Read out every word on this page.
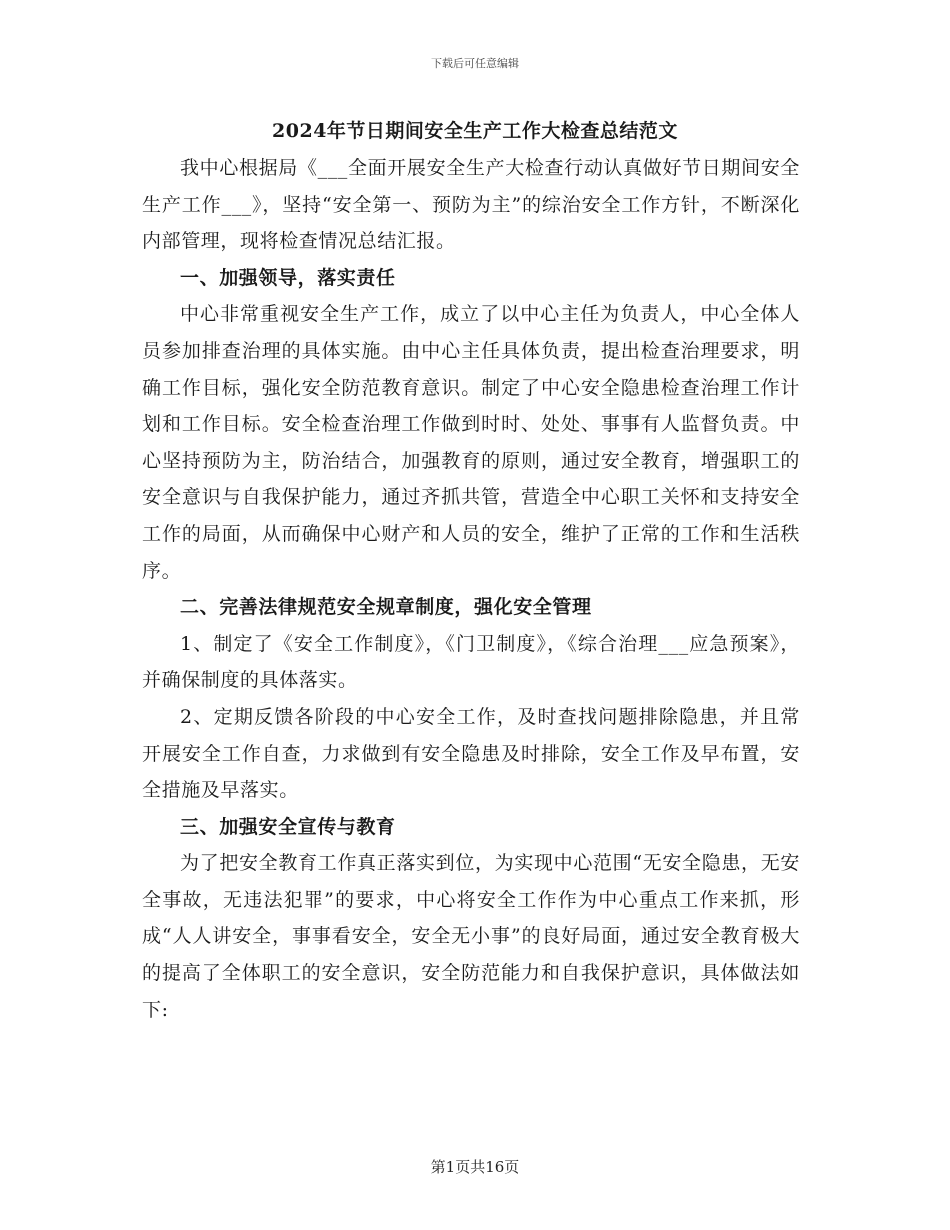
下载后可任意编辑
2024年节日期间安全生产工作大检查总结范文

我中心根据局《___全面开展安全生产大检查行动认真做好节日期间安全生产工作___》，坚持“安全第一、预防为主”的综治安全工作方针，不断深化内部管理，现将检查情况总结汇报。

一、加强领导，落实责任

中心非常重视安全生产工作，成立了以中心主任为负责人，中心全体人员参加排查治理的具体实施。由中心主任具体负责，提出检查治理要求，明确工作目标，强化安全防范教育意识。制定了中心安全隐患检查治理工作计划和工作目标。安全检查治理工作做到时时、处处、事事有人监督负责。中心坚持预防为主，防治结合，加强教育的原则，通过安全教育，增强职工的安全意识与自我保护能力，通过齐抓共管，营造全中心职工关怀和支持安全工作的局面，从而确保中心财产和人员的安全，维护了正常的工作和生活秩序。

二、完善法律规范安全规章制度，强化安全管理

1、制定了《安全工作制度》，《门卫制度》，《综合治理___应急预案》，并确保制度的具体落实。

2、定期反馈各阶段的中心安全工作，及时查找问题排除隐患，并且常开展安全工作自查，力求做到有安全隐患及时排除，安全工作及早布置，安全措施及早落实。

三、加强安全宣传与教育

为了把安全教育工作真正落实到位，为实现中心范围“无安全隐患，无安全事故，无违法犯罪”的要求，中心将安全工作作为中心重点工作来抓，形成“人人讲安全，事事看安全，安全无小事”的良好局面，通过安全教育极大的提高了全体职工的安全意识，安全防范能力和自我保护意识，具体做法如下:

第1页共16页
